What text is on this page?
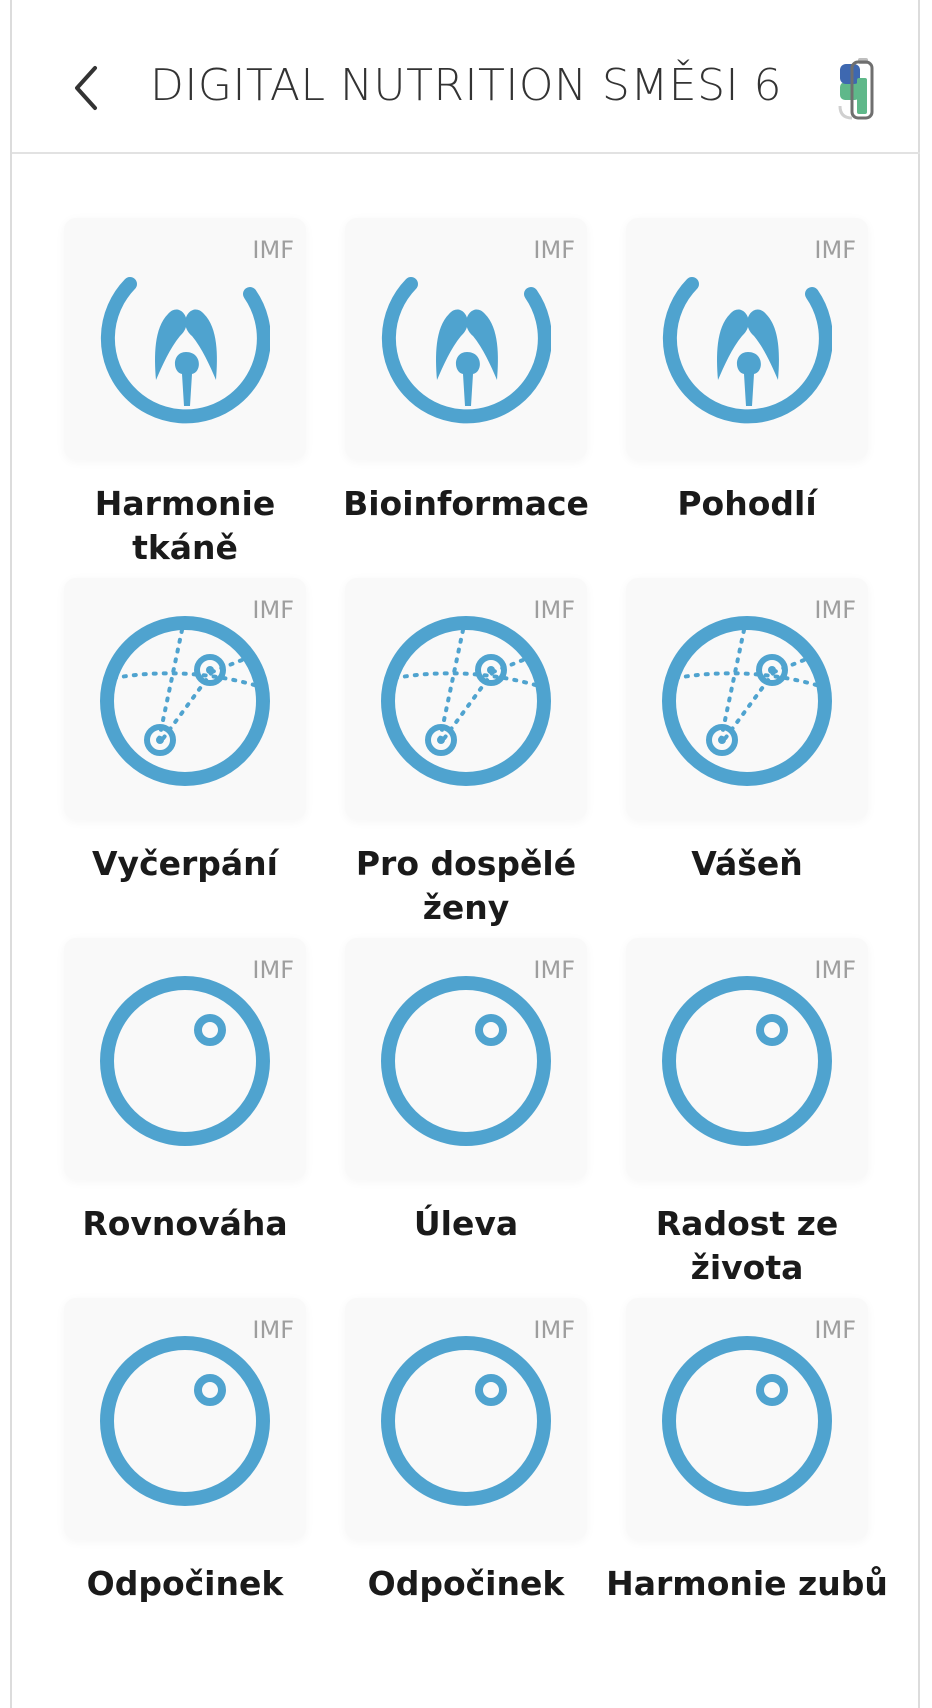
DIGITAL NUTRITION SMĚSI 6
IMF
Harmonie tkáně
IMF
Bioinformace
IMF
Pohodlí
IMF
Vyčerpání
IMF
Pro dospělé ženy
IMF
Vášeň
IMF
Rovnováha
IMF
Úleva
IMF
Radost ze života
IMF
Odpočinek
IMF
Odpočinek
IMF
Harmonie zubů
